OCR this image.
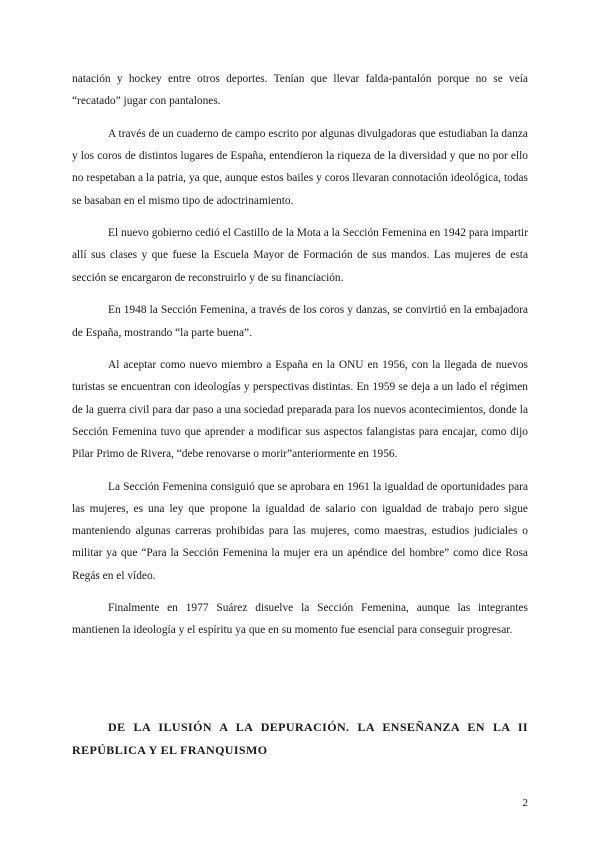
natación y hockey entre otros deportes. Tenían que llevar falda-pantalón porque no se veía “recatado” jugar con pantalones.

A través de un cuaderno de campo escrito por algunas divulgadoras que estudiaban la danza y los coros de distintos lugares de España, entendieron la riqueza de la diversidad y que no por ello no respetaban a la patria, ya que, aunque estos bailes y coros llevaran connotación ideológica, todas se basaban en el mismo tipo de adoctrinamiento.

El nuevo gobierno cedió el Castillo de la Mota a la Sección Femenina en 1942 para impartir allí sus clases y que fuese la Escuela Mayor de Formación de sus mandos. Las mujeres de esta sección se encargaron de reconstruirlo y de su financiación.

En 1948 la Sección Femenina, a través de los coros y danzas, se convirtió en la embajadora de España, mostrando “la parte buena”.

Al aceptar como nuevo miembro a España en la ONU en 1956, con la llegada de nuevos turistas se encuentran con ideologías y perspectivas distintas. En 1959 se deja a un lado el régimen de la guerra civil para dar paso a una sociedad preparada para los nuevos acontecimientos, donde la Sección Femenina tuvo que aprender a modificar sus aspectos falangistas para encajar, como dijo Pilar Primo de Rivera, “debe renovarse o morir”anteriormente en 1956.

La Sección Femenina consiguió que se aprobara en 1961 la igualdad de oportunidades para las mujeres, es una ley que propone la igualdad de salario con igualdad de trabajo pero sigue manteniendo algunas carreras prohibidas para las mujeres, como maestras, estudios judiciales o militar ya que “Para la Sección Femenina la mujer era un apéndice del hombre” como dice Rosa Regás en el vídeo.

Finalmente en 1977 Suárez disuelve la Sección Femenina, aunque las integrantes mantienen la ideología y el espíritu ya que en su momento fue esencial para conseguir progresar.

DE LA ILUSIÓN A LA DEPURACIÓN. LA ENSEÑANZA EN LA II REPÚBLICA Y EL FRANQUISMO
2
